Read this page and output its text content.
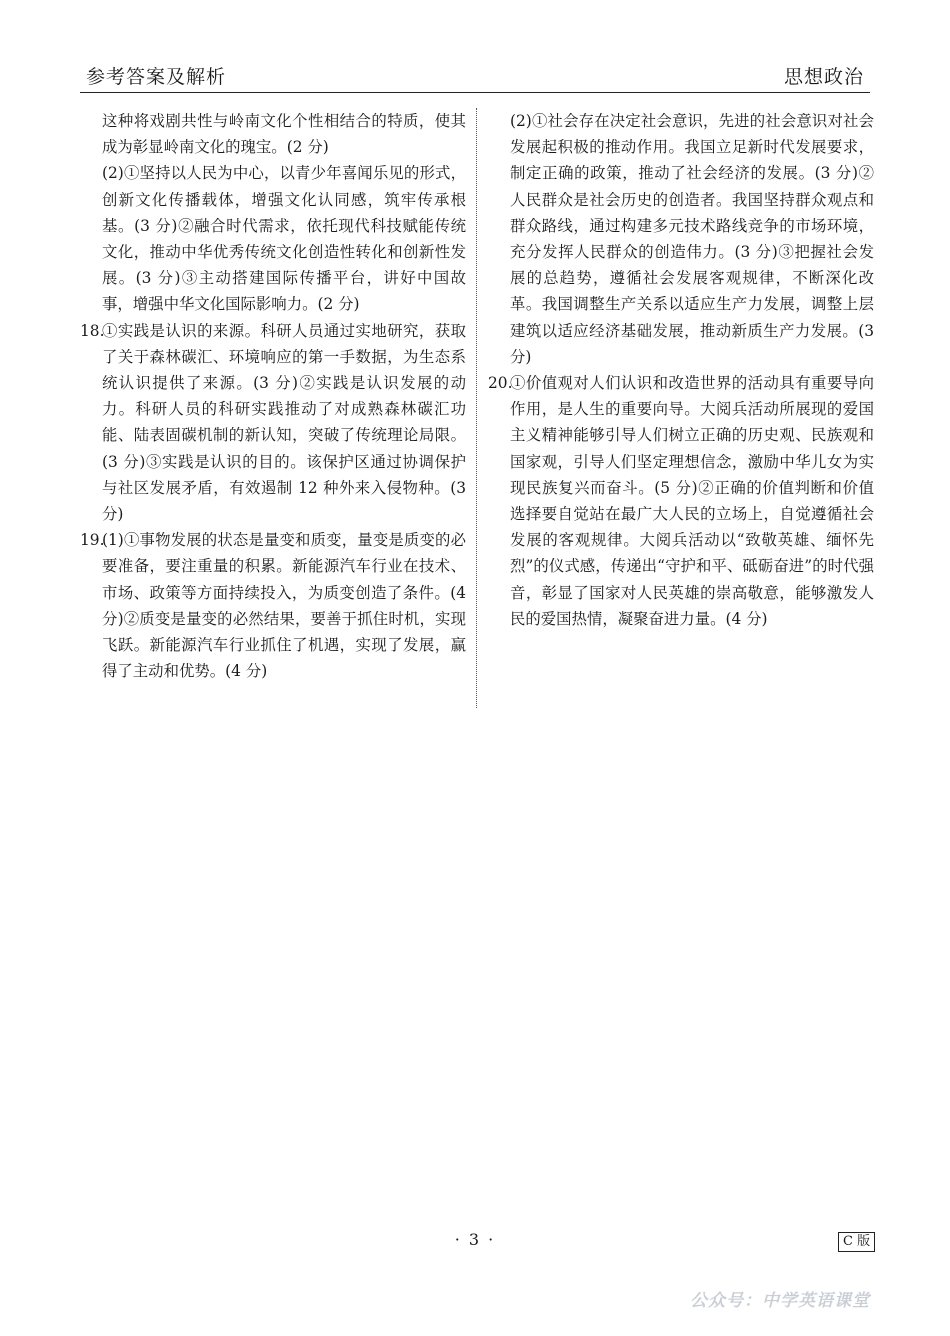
参考答案及解析	思想政治

这种将戏剧共性与岭南文化个性相结合的特质，使其成为彰显岭南文化的瑰宝。(2 分)

(2)①坚持以人民为中心，以青少年喜闻乐见的形式，创新文化传播载体，增强文化认同感，筑牢传承根基。(3 分)②融合时代需求，依托现代科技赋能传统文化，推动中华优秀传统文化创造性转化和创新性发展。(3 分)③主动搭建国际传播平台，讲好中国故事，增强中华文化国际影响力。(2 分)

18.
①实践是认识的来源。科研人员通过实地研究，获取了关于森林碳汇、环境响应的第一手数据，为生态系统认识提供了来源。(3 分)②实践是认识发展的动力。科研人员的科研实践推动了对成熟森林碳汇功能、陆表固碳机制的新认知，突破了传统理论局限。(3 分)③实践是认识的目的。该保护区通过协调保护与社区发展矛盾，有效遏制 12 种外来入侵物种。(3 分)
19.
(1)①事物发展的状态是量变和质变，量变是质变的必要准备，要注重量的积累。新能源汽车行业在技术、市场、政策等方面持续投入，为质变创造了条件。(4 分)②质变是量变的必然结果，要善于抓住时机，实现飞跃。新能源汽车行业抓住了机遇，实现了发展，赢得了主动和优势。(4 分)

(2)①社会存在决定社会意识，先进的社会意识对社会发展起积极的推动作用。我国立足新时代发展要求，制定正确的政策，推动了社会经济的发展。(3 分)②人民群众是社会历史的创造者。我国坚持群众观点和群众路线，通过构建多元技术路线竞争的市场环境，充分发挥人民群众的创造伟力。(3 分)③把握社会发展的总趋势，遵循社会发展客观规律，不断深化改革。我国调整生产关系以适应生产力发展，调整上层建筑以适应经济基础发展，推动新质生产力发展。(3 分)

20.
①价值观对人们认识和改造世界的活动具有重要导向作用，是人生的重要向导。大阅兵活动所展现的爱国主义精神能够引导人们树立正确的历史观、民族观和国家观，引导人们坚定理想信念，激励中华儿女为实现民族复兴而奋斗。(5 分)②正确的价值判断和价值选择要自觉站在最广大人民的立场上，自觉遵循社会发展的客观规律。大阅兵活动以“致敬英雄、缅怀先烈”的仪式感，传递出“守护和平、砥砺奋进”的时代强音，彰显了国家对人民英雄的崇高敬意，能够激发人民的爱国热情，凝聚奋进力量。(4 分)
· 3 ·	C 版
公众号：中学英语课堂
